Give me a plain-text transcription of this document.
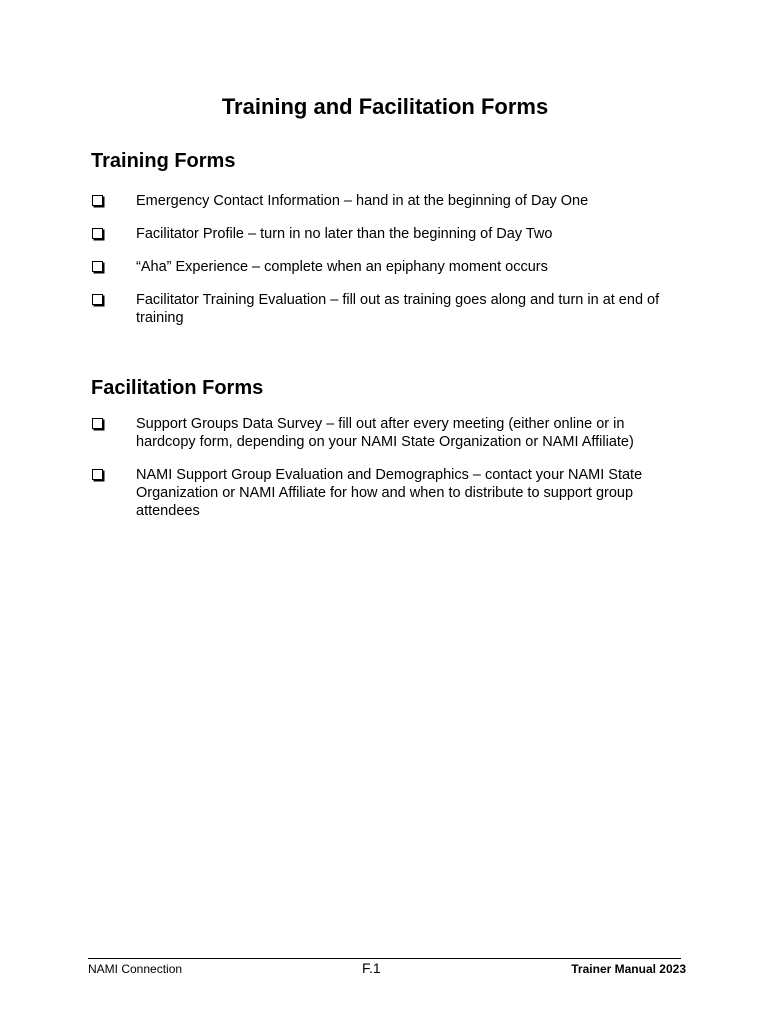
Training and Facilitation Forms
Training Forms
Emergency Contact Information – hand in at the beginning of Day One
Facilitator Profile – turn in no later than the beginning of Day Two
“Aha” Experience – complete when an epiphany moment occurs
Facilitator Training Evaluation – fill out as training goes along and turn in at end of training
Facilitation Forms
Support Groups Data Survey – fill out after every meeting (either online or in hardcopy form, depending on your NAMI State Organization or NAMI Affiliate)
NAMI Support Group Evaluation and Demographics – contact your NAMI State Organization or NAMI Affiliate for how and when to distribute to support group attendees
NAMI Connection	F.1	Trainer Manual 2023
